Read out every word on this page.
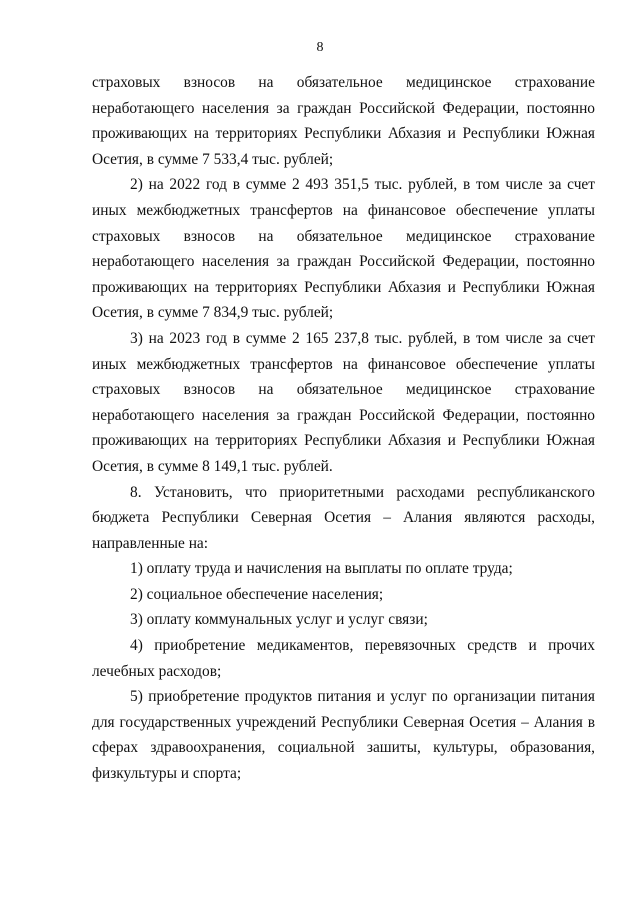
8
страховых взносов на обязательное медицинское страхование
неработающего населения за граждан Российской Федерации, постоянно
проживающих на территориях Республики Абхазия и Республики Южная
Осетия, в сумме 7 533,4 тыс. рублей;
2) на 2022 год в сумме 2 493 351,5 тыс. рублей, в том числе за счет
иных межбюджетных трансфертов на финансовое обеспечение уплаты
страховых взносов на обязательное медицинское страхование
неработающего населения за граждан Российской Федерации, постоянно
проживающих на территориях Республики Абхазия и Республики Южная
Осетия, в сумме 7 834,9 тыс. рублей;
3) на 2023 год в сумме 2 165 237,8 тыс. рублей, в том числе за счет
иных межбюджетных трансфертов на финансовое обеспечение уплаты
страховых взносов на обязательное медицинское страхование
неработающего населения за граждан Российской Федерации, постоянно
проживающих на территориях Республики Абхазия и Республики Южная
Осетия, в сумме 8 149,1 тыс. рублей.
8. Установить, что приоритетными расходами республиканского
бюджета Республики Северная Осетия – Алания являются расходы,
направленные на:
1) оплату труда и начисления на выплаты по оплате труда;
2) социальное обеспечение населения;
3) оплату коммунальных услуг и услуг связи;
4) приобретение медикаментов, перевязочных средств и прочих
лечебных расходов;
5) приобретение продуктов питания и услуг по организации питания
для государственных учреждений Республики Северная Осетия – Алания в
сферах здравоохранения, социальной зашиты, культуры, образования,
физкультуры и спорта;
